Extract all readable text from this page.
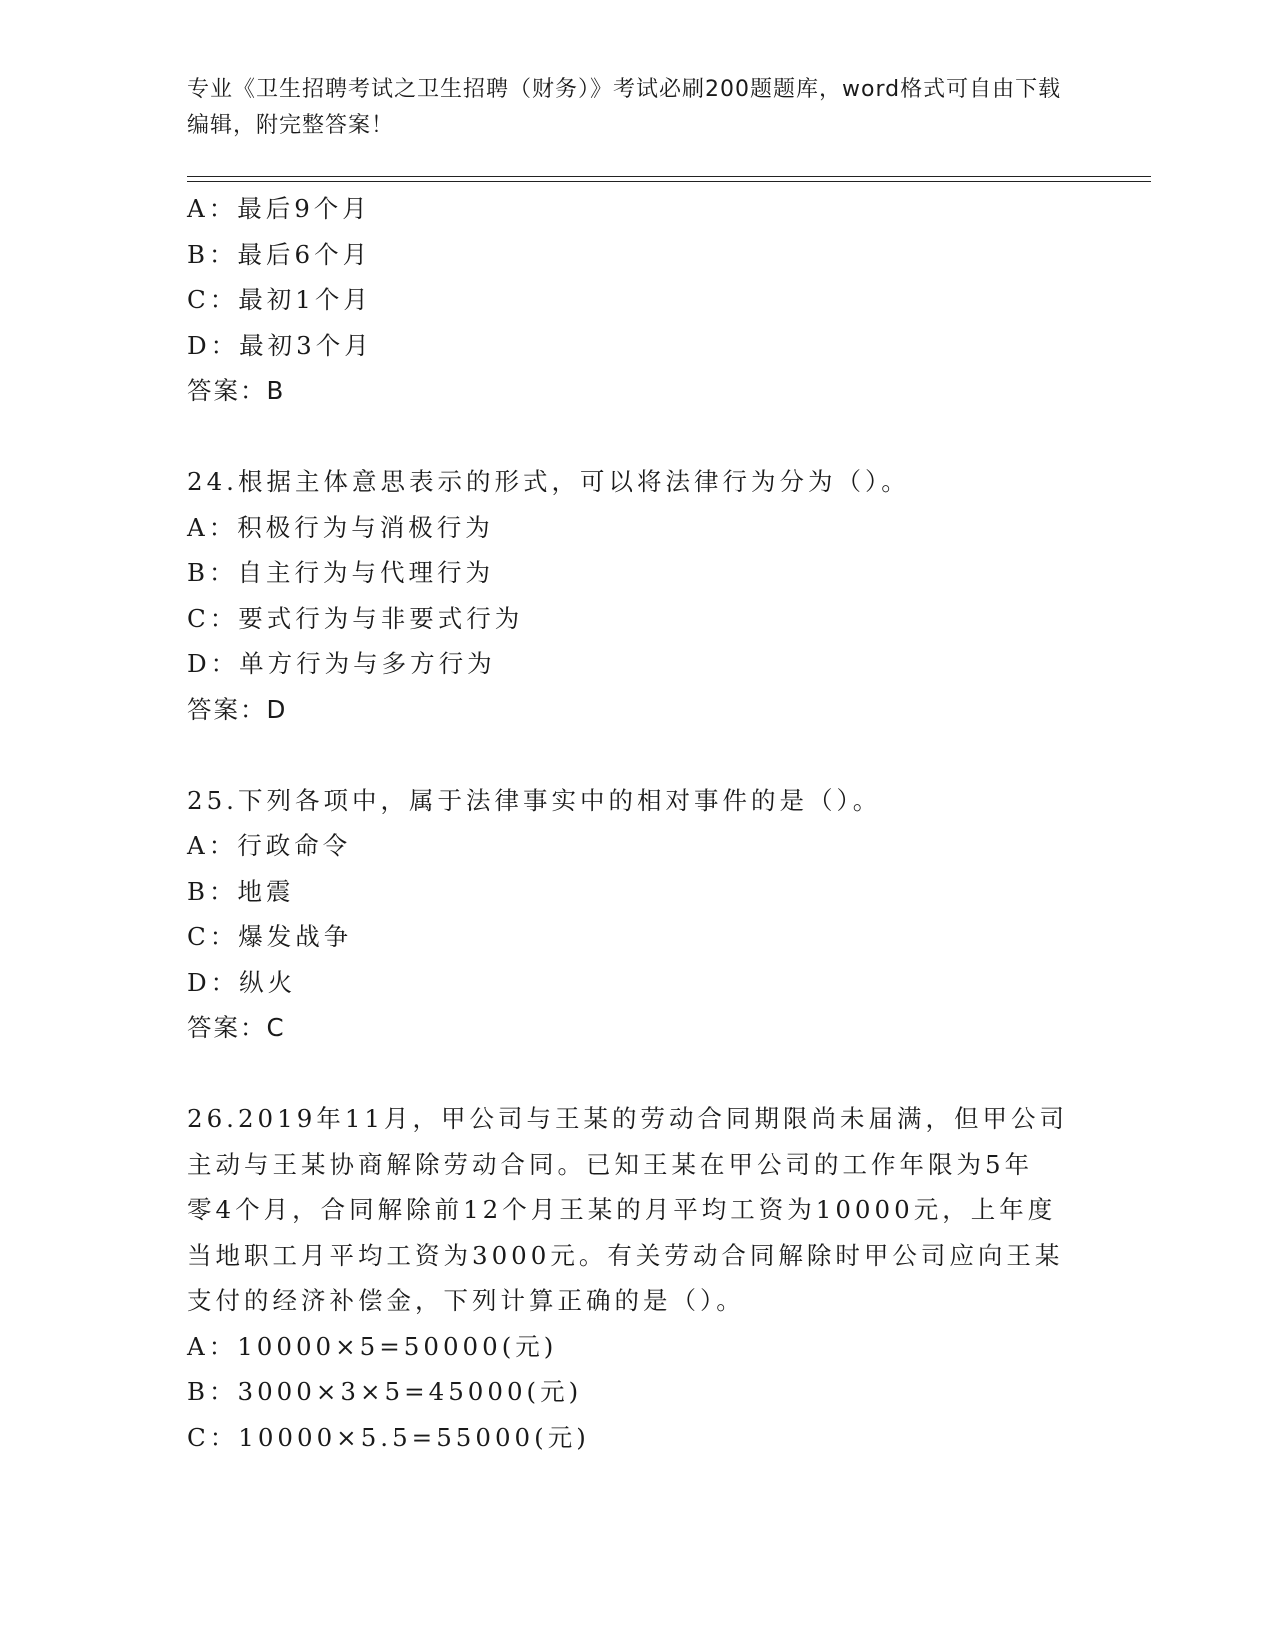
专业《卫生招聘考试之卫生招聘（财务）》考试必刷200题题库，word格式可自由下载编辑，附完整答案！
A：最后9个月
B：最后6个月
C：最初1个月
D：最初3个月
答案：B
24.根据主体意思表示的形式，可以将法律行为分为（）。
A：积极行为与消极行为
B：自主行为与代理行为
C：要式行为与非要式行为
D：单方行为与多方行为
答案：D
25.下列各项中，属于法律事实中的相对事件的是（）。
A：行政命令
B：地震
C：爆发战争
D：纵火
答案：C
26.2019年11月，甲公司与王某的劳动合同期限尚未届满，但甲公司
主动与王某协商解除劳动合同。已知王某在甲公司的工作年限为5年
零4个月，合同解除前12个月王某的月平均工资为10000元，上年度
当地职工月平均工资为3000元。有关劳动合同解除时甲公司应向王某
支付的经济补偿金，下列计算正确的是（）。
A：10000×5=50000(元)
B：3000×3×5=45000(元)
C：10000×5.5=55000(元)
